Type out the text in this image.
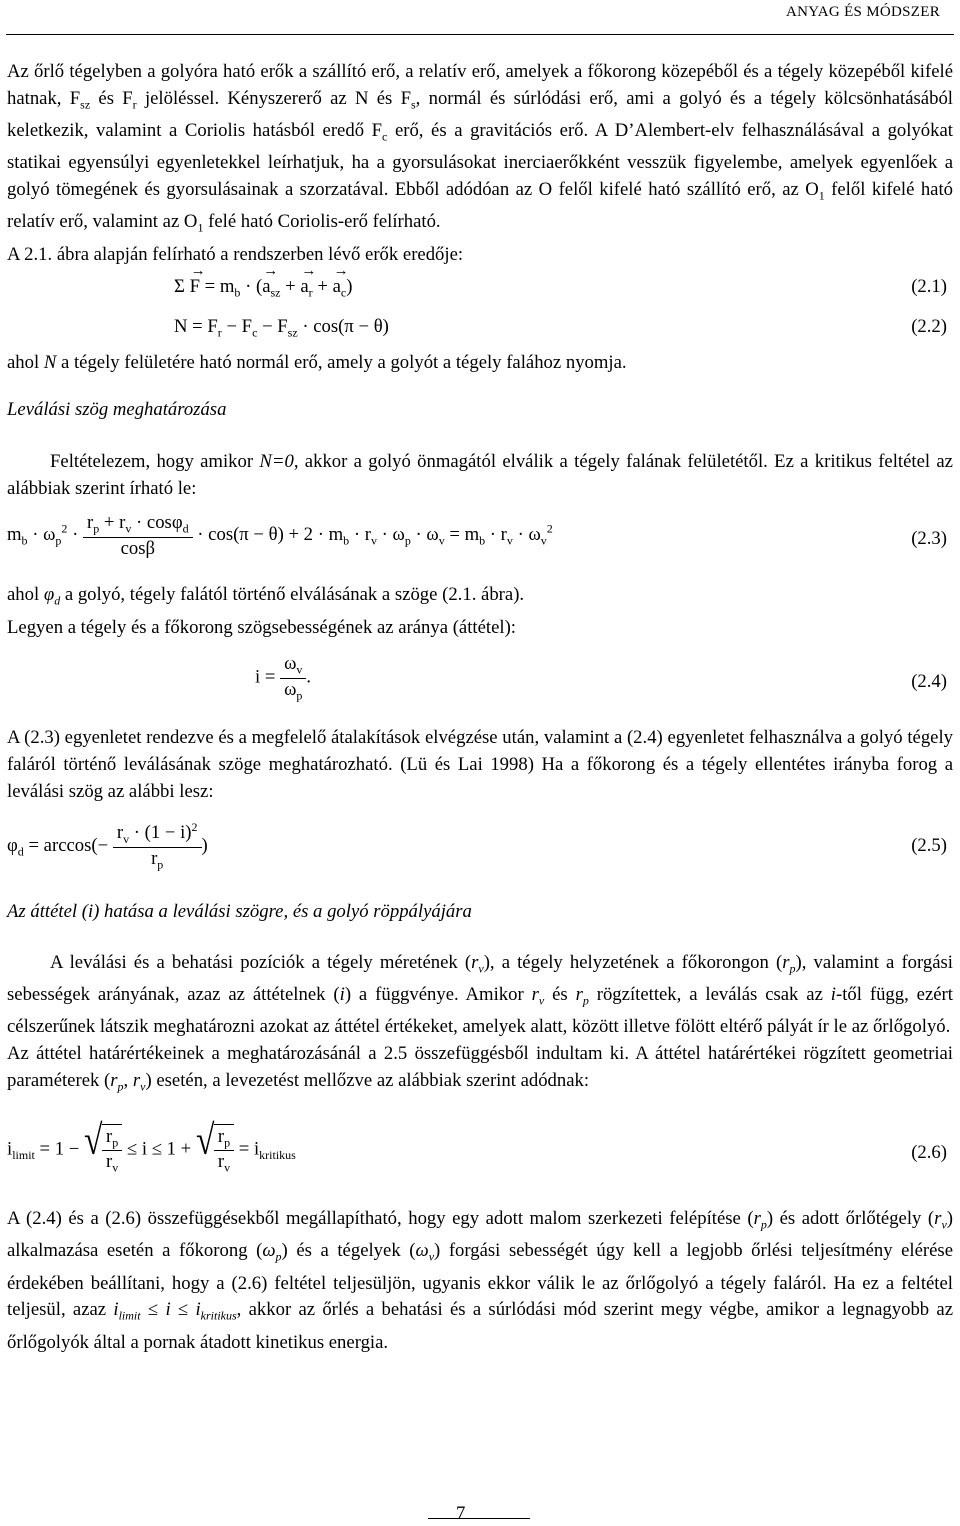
ANYAG ÉS MÓDSZER

Az őrlő tégelyben a golyóra ható erők a szállító erő, a relatív erő, amelyek a főkorong közepéből és a tégely közepéből kifelé hatnak, $F_{sz}$ és $F_r$ jelöléssel. Kényszererő az N és $F_s$, normál és súrlódási erő, ami a golyó és a tégely kölcsönhatásából keletkezik, valamint a Coriolis hatásból eredő $F_c$ erő, és a gravitációs erő. A D’Alembert-elv felhasználásával a golyókat statikai egyensúlyi egyenletekkel leírhatjuk, ha a gyorsulásokat inerciaerőkként vesszük figyelembe, amelyek egyenlőek a golyó tömegének és gyorsulásainak a szorzatával. Ebből adódóan az O felől kifelé ható szállító erő, az $O_1$ felől kifelé ható relatív erő, valamint az $O_1$ felé ható Coriolis-erő felírható.

A 2.1. ábra alapján felírható a rendszerben lévő erők eredője:

$\Sigma \to F = m_b$ · (→ $a_{sz}$ + → $a_r$ + → $a_c$)	(2.1)
$N = F_r - F_c - F_{sz} \cdot \cos(\pi - \theta)$	(2.2)

ahol N a tégely felületére ható normál erő, amely a golyót a tégely falához nyomja.

Leválási szög meghatározása

Feltételezem, hogy amikor N=0, akkor a golyó önmagától elválik a tégely falának felületétől. Ez a kritikus feltétel az alábbiak szerint írható le:

$m_b \cdot \omega_p^2 \cdot \frac{r_p + r_v \cdot \cos\varphi_d}{\cos\beta} \cdot \cos(\pi - \theta) + 2 \cdot m_b \cdot r_v \cdot \omega_p \cdot \omega_v = m_b \cdot r_v \cdot \omega_v^2$	(2.3)

ahol $\varphi_d$ a golyó, tégely falától történő elválásának a szöge (2.1. ábra).

Legyen a tégely és a főkorong szögsebességének az aránya (áttétel):

$i = \frac{\omega_v}{\omega_p}$ .	(2.4)

A (2.3) egyenletet rendezve és a megfelelő átalakítások elvégzése után, valamint a (2.4) egyenletet felhasználva a golyó tégely faláról történő leválásának szöge meghatározható. (Lü és Lai 1998) Ha a főkorong és a tégely ellentétes irányba forog a leválási szög az alábbi lesz:

$\varphi_d = \arccos(- \frac{r_v \cdot (1 - i)^2}{r_p}$ )	(2.5)

Az áttétel (i) hatása a leválási szögre, és a golyó röppályájára

A leválási és a behatási pozíciók a tégely méretének $(r_v)$, a tégely helyzetének a főkorongon $(r_p)$, valamint a forgási sebességek arányának, azaz az áttételnek (i) a függvénye. Amikor $r_v$ és $r_p$ rögzítettek, a leválás csak az i-től függ, ezért célszerűnek látszik meghatározni azokat az áttétel értékeket, amelyek alatt, között illetve fölött eltérő pályát ír le az őrlőgolyó.

Az áttétel határértékeinek a meghatározásánál a 2.5 összefüggésből indultam ki. A áttétel határértékei rögzített geometriai paraméterek ($r_p$, $r_v$) esetén, a levezetést mellőzve az alábbiak szerint adódnak:

$i_{limit} = 1$ − √ $\frac{r_p}{r_v} \le i \le 1$ + √ $\frac{r_p}{r_v} = i_{kritikus}$	(2.6)

A (2.4) és a (2.6) összefüggésekből megállapítható, hogy egy adott malom szerkezeti felépítése $(r_p)$ és adott őrlőtégely $(r_v)$ alkalmazása esetén a főkorong $(\omega_p)$ és a tégelyek $(\omega_v)$ forgási sebességét úgy kell a legjobb őrlési teljesítmény elérése érdekében beállítani, hogy a (2.6) feltétel teljesüljön, ugyanis ekkor válik le az őrlőgolyó a tégely faláról. Ha ez a feltétel teljesül, azaz $i_{limit} \le i \le i_{kritikus}$, akkor az őrlés a behatási és a súrlódási mód szerint megy végbe, amikor a legnagyobb az őrlőgolyók által a pornak átadott kinetikus energia.

7
